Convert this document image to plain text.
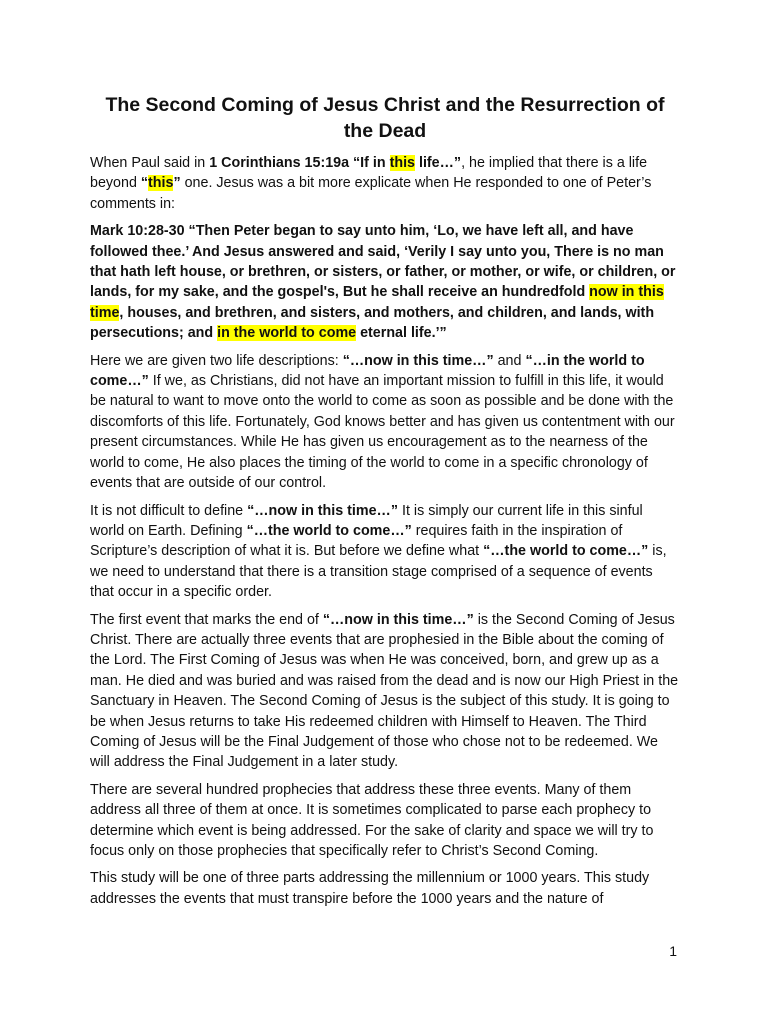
The Second Coming of Jesus Christ and the Resurrection of the Dead

When Paul said in 1 Corinthians 15:19a “If in this life…”, he implied that there is a life beyond “this” one. Jesus was a bit more explicate when He responded to one of Peter’s comments in:

Mark 10:28-30 “Then Peter began to say unto him, ‘Lo, we have left all, and have followed thee.’ And Jesus answered and said, ‘Verily I say unto you, There is no man that hath left house, or brethren, or sisters, or father, or mother, or wife, or children, or lands, for my sake, and the gospel's, But he shall receive an hundredfold now in this time, houses, and brethren, and sisters, and mothers, and children, and lands, with persecutions; and in the world to come eternal life.’”

Here we are given two life descriptions: “…now in this time…” and “…in the world to come…” If we, as Christians, did not have an important mission to fulfill in this life, it would be natural to want to move onto the world to come as soon as possible and be done with the discomforts of this life. Fortunately, God knows better and has given us contentment with our present circumstances. While He has given us encouragement as to the nearness of the world to come, He also places the timing of the world to come in a specific chronology of events that are outside of our control.

It is not difficult to define “…now in this time…” It is simply our current life in this sinful world on Earth. Defining “…the world to come…” requires faith in the inspiration of Scripture’s description of what it is. But before we define what “…the world to come…” is, we need to understand that there is a transition stage comprised of a sequence of events that occur in a specific order.

The first event that marks the end of “…now in this time…” is the Second Coming of Jesus Christ. There are actually three events that are prophesied in the Bible about the coming of the Lord. The First Coming of Jesus was when He was conceived, born, and grew up as a man. He died and was buried and was raised from the dead and is now our High Priest in the Sanctuary in Heaven. The Second Coming of Jesus is the subject of this study. It is going to be when Jesus returns to take His redeemed children with Himself to Heaven. The Third Coming of Jesus will be the Final Judgement of those who chose not to be redeemed. We will address the Final Judgement in a later study.

There are several hundred prophecies that address these three events. Many of them address all three of them at once. It is sometimes complicated to parse each prophecy to determine which event is being addressed. For the sake of clarity and space we will try to focus only on those prophecies that specifically refer to Christ’s Second Coming.

This study will be one of three parts addressing the millennium or 1000 years. This study addresses the events that must transpire before the 1000 years and the nature of

1
